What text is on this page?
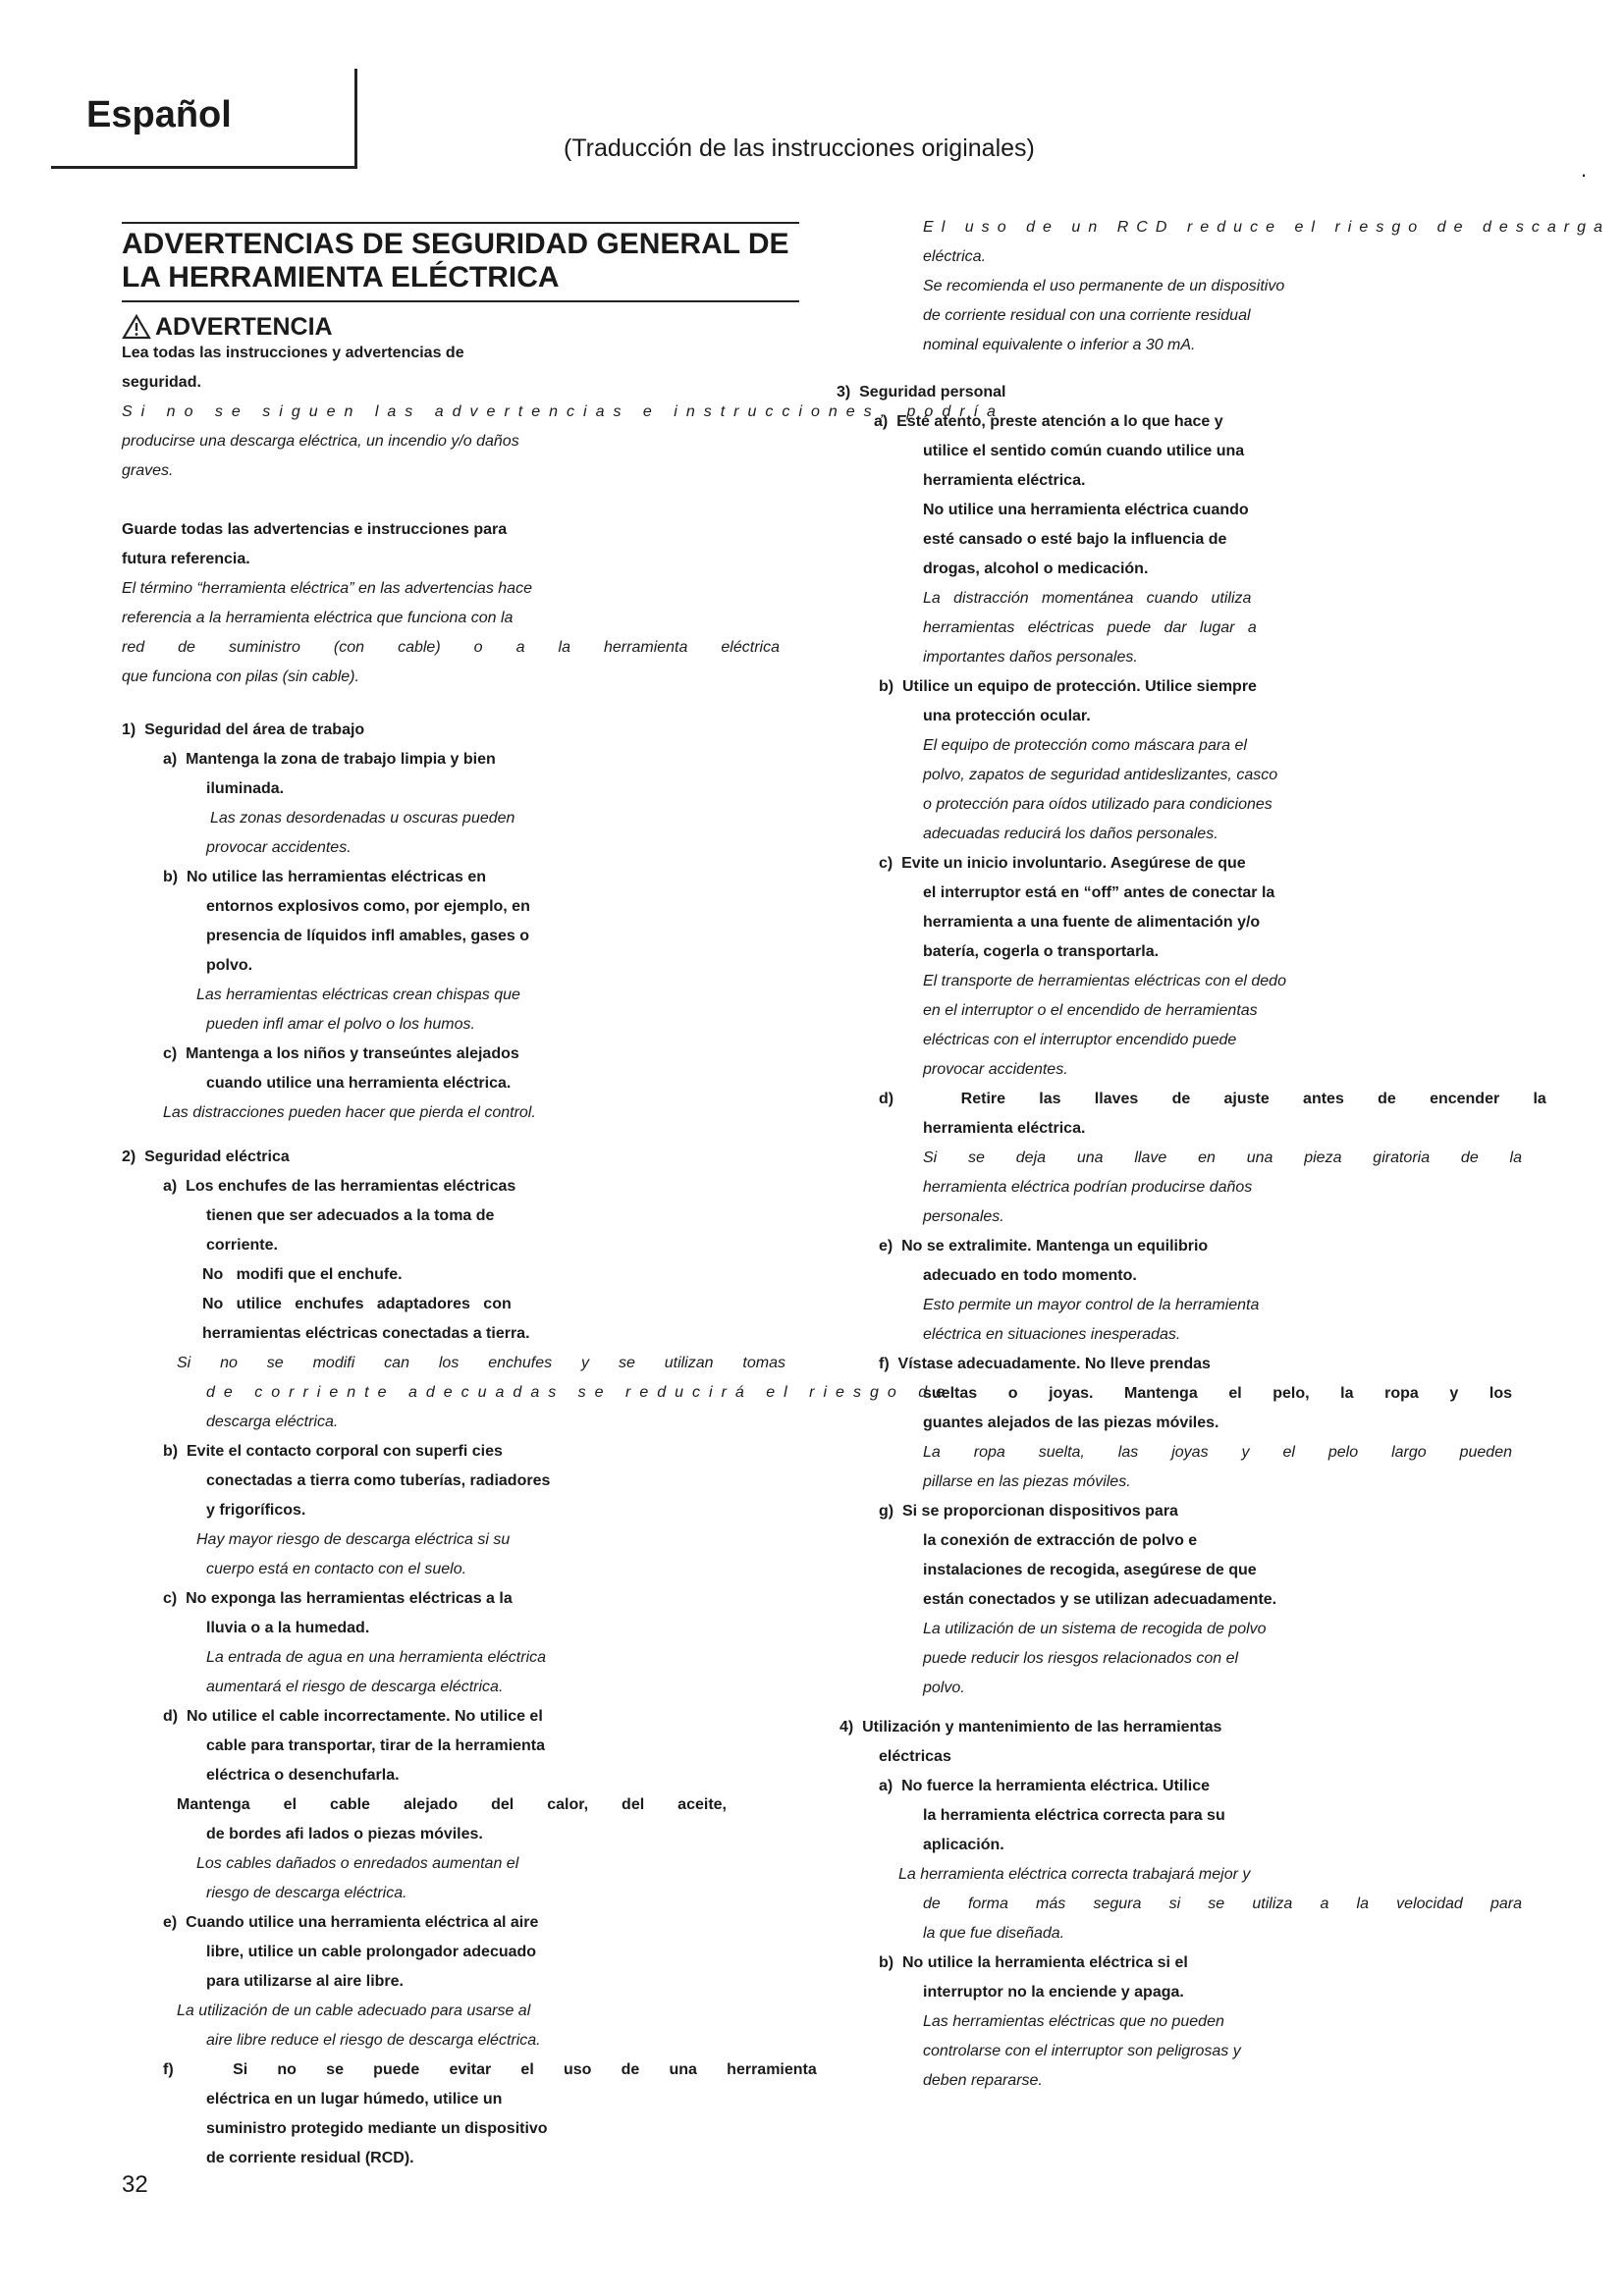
Español
(Traducción de las instrucciones originales)
.
ADVERTENCIAS DE SEGURIDAD GENERAL DE LA HERRAMIENTA ELÉCTRICA
ADVERTENCIA
32
Lea todas las instrucciones y advertencias de
seguridad.
Si no se siguen las advertencias e instrucciones, podría
producirse una descarga eléctrica, un incendio y/o daños
graves.
Guarde todas las advertencias e instrucciones para
futura referencia.
El término “herramienta eléctrica” en las advertencias hace
referencia a la herramienta eléctrica que funciona con la
red de suministro (con cable) o a la herramienta eléctrica
que funciona con pilas (sin cable).
1)  Seguridad del área de trabajo
a)  Mantenga la zona de trabajo limpia y bien
iluminada.
Las zonas desordenadas u oscuras pueden
provocar accidentes.
b)  No utilice las herramientas eléctricas en
entornos explosivos como, por ejemplo, en
presencia de líquidos infl amables, gases o
polvo.
Las herramientas eléctricas crean chispas que
pueden infl amar el polvo o los humos.
c)  Mantenga a los niños y transeúntes alejados
cuando utilice una herramienta eléctrica.
Las distracciones pueden hacer que pierda el control.
2)  Seguridad eléctrica
a)  Los enchufes de las herramientas eléctricas
tienen que ser adecuados a la toma de
corriente.
No   modifi que el enchufe.
No   utilice   enchufes   adaptadores   con
herramientas eléctricas conectadas a tierra.
Si no se modifi can los enchufes y se utilizan tomas
de corriente adecuadas se reducirá el riesgo de
descarga eléctrica.
b)  Evite el contacto corporal con superfi cies
conectadas a tierra como tuberías, radiadores
y frigoríficos.
Hay mayor riesgo de descarga eléctrica si su
cuerpo está en contacto con el suelo.
c)  No exponga las herramientas eléctricas a la
lluvia o a la humedad.
La entrada de agua en una herramienta eléctrica
aumentará el riesgo de descarga eléctrica.
d)  No utilice el cable incorrectamente. No utilice el
cable para transportar, tirar de la herramienta
eléctrica o desenchufarla.
Mantenga el cable alejado del calor, del aceite,
de bordes afi lados o piezas móviles.
Los cables dañados o enredados aumentan el
riesgo de descarga eléctrica.
e)  Cuando utilice una herramienta eléctrica al aire
libre, utilice un cable prolongador adecuado
para utilizarse al aire libre.
La utilización de un cable adecuado para usarse al
aire libre reduce el riesgo de descarga eléctrica.
f)  Si no se puede evitar el uso de una herramienta
eléctrica en un lugar húmedo, utilice un
suministro protegido mediante un dispositivo
de corriente residual (RCD).
El uso de un RCD reduce el riesgo de descarga
eléctrica.
Se recomienda el uso permanente de un dispositivo
de corriente residual con una corriente residual
nominal equivalente o inferior a 30 mA.
3)  Seguridad personal
a)  Esté atento, preste atención a lo que hace y
utilice el sentido común cuando utilice una
herramienta eléctrica.
No utilice una herramienta eléctrica cuando
esté cansado o esté bajo la influencia de
drogas, alcohol o medicación.
La   distracción   momentánea   cuando   utiliza
herramientas   eléctricas   puede   dar   lugar   a
importantes daños personales.
b)  Utilice un equipo de protección. Utilice siempre
una protección ocular.
El equipo de protección como máscara para el
polvo, zapatos de seguridad antideslizantes, casco
o protección para oídos utilizado para condiciones
adecuadas reducirá los daños personales.
c)  Evite un inicio involuntario. Asegúrese de que
el interruptor está en “off” antes de conectar la
herramienta a una fuente de alimentación y/o
batería, cogerla o transportarla.
El transporte de herramientas eléctricas con el dedo
en el interruptor o el encendido de herramientas
eléctricas con el interruptor encendido puede
provocar accidentes.
d)  Retire las llaves de ajuste antes de encender la
herramienta eléctrica.
Si se deja una llave en una pieza giratoria de la
herramienta eléctrica podrían producirse daños
personales.
e)  No se extralimite. Mantenga un equilibrio
adecuado en todo momento.
Esto permite un mayor control de la herramienta
eléctrica en situaciones inesperadas.
f)  Vístase adecuadamente. No lleve prendas
sueltas o joyas. Mantenga el pelo, la ropa y los
guantes alejados de las piezas móviles.
La ropa suelta, las joyas y el pelo largo pueden
pillarse en las piezas móviles.
g)  Si se proporcionan dispositivos para
la conexión de extracción de polvo e
instalaciones de recogida, asegúrese de que
están conectados y se utilizan adecuadamente.
La utilización de un sistema de recogida de polvo
puede reducir los riesgos relacionados con el
polvo.
4)  Utilización y mantenimiento de las herramientas
eléctricas
a)  No fuerce la herramienta eléctrica. Utilice
la herramienta eléctrica correcta para su
aplicación.
La herramienta eléctrica correcta trabajará mejor y
de forma más segura si se utiliza a la velocidad para
la que fue diseñada.
b)  No utilice la herramienta eléctrica si el
interruptor no la enciende y apaga.
Las herramientas eléctricas que no pueden
controlarse con el interruptor son peligrosas y
deben repararse.
